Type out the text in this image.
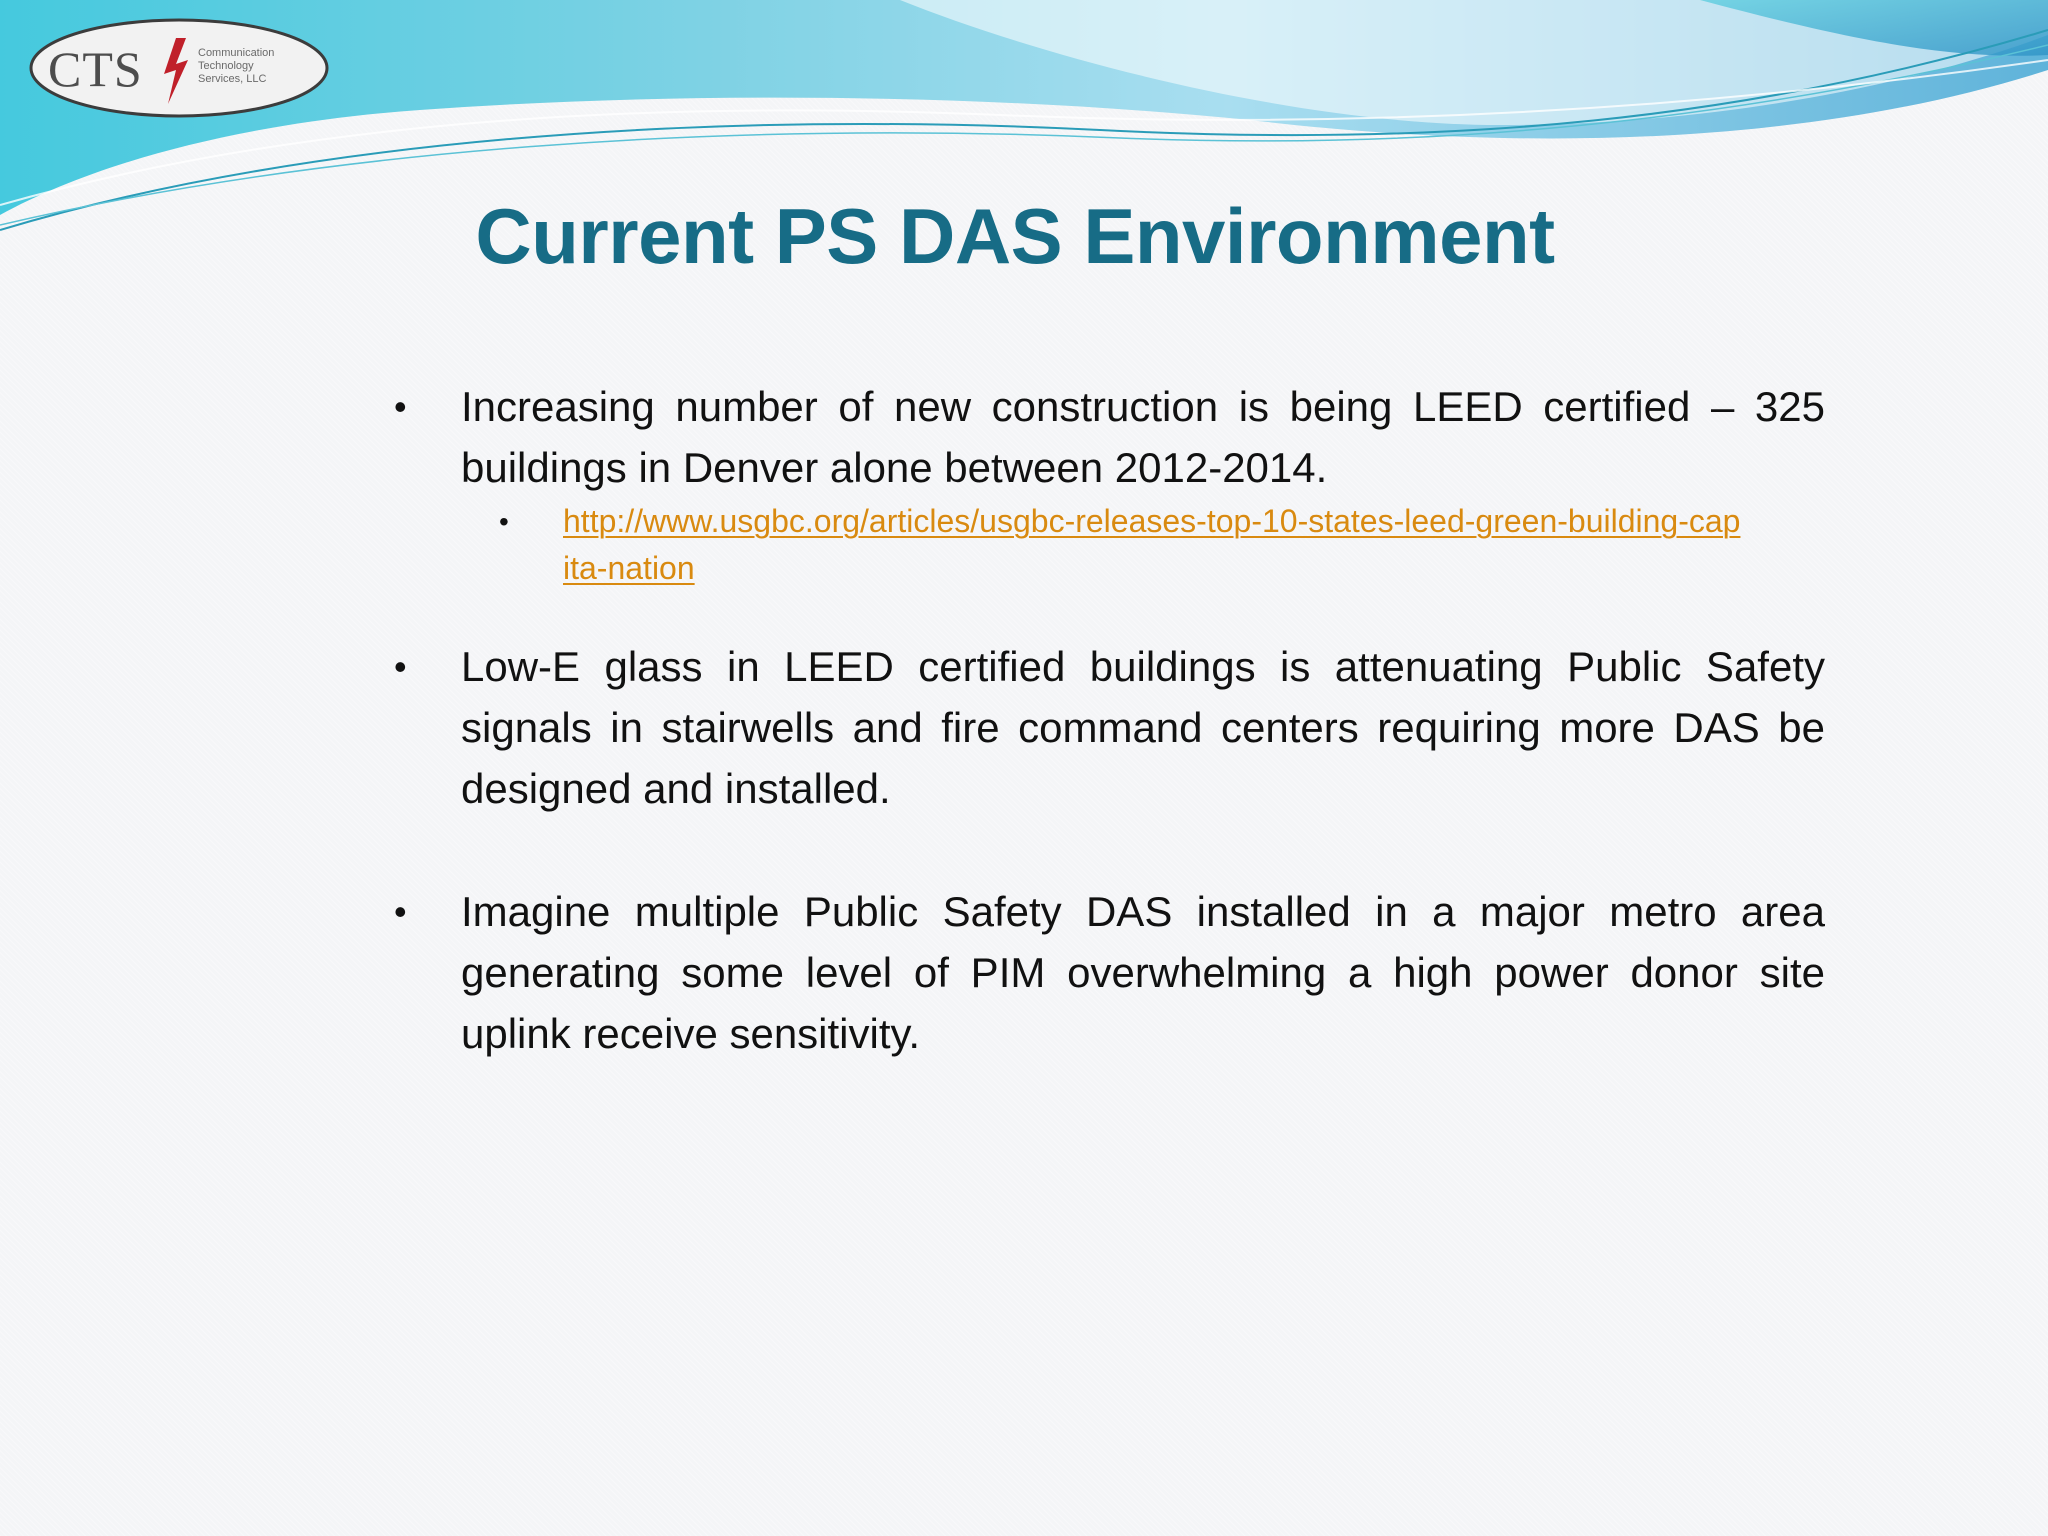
CTS	Communication
Technology
Services, LLC
Current PS DAS Environment
• Increasing number of new construction is being LEED certified – 325 buildings in Denver alone between 2012-2014.
• http://www.usgbc.org/articles/usgbc-releases-top-10-states-leed-green-building-capita-nation
• Low-E glass in LEED certified buildings is attenuating Public Safety signals in stairwells and fire command centers requiring more DAS be designed and installed.
• Imagine multiple Public Safety DAS installed in a major metro area generating some level of PIM overwhelming a high power donor site uplink receive sensitivity.
